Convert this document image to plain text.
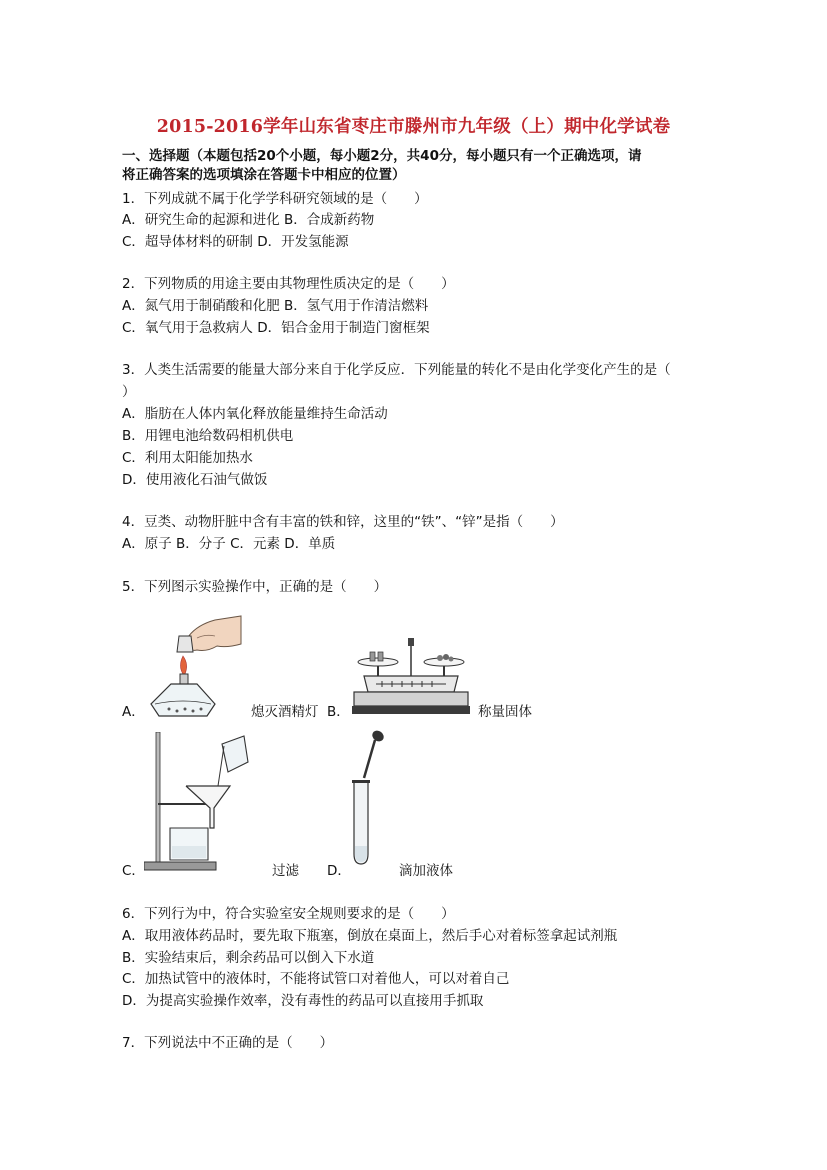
2015-2016学年山东省枣庄市滕州市九年级（上）期中化学试卷
一、选择题（本题包括20个小题，每小题2分，共40分，每小题只有一个正确选项，请
将正确答案的选项填涂在答题卡中相应的位置）
1．下列成就不属于化学学科研究领域的是（　　）
A．研究生命的起源和进化 B．合成新药物
C．超导体材料的研制 D．开发氢能源
2．下列物质的用途主要由其物理性质决定的是（　　）
A．氮气用于制硝酸和化肥 B．氢气用于作清洁燃料
C．氧气用于急救病人 D．铝合金用于制造门窗框架
3．人类生活需要的能量大部分来自于化学反应．下列能量的转化不是由化学变化产生的是（
）
A．脂肪在人体内氧化释放能量维持生命活动
B．用锂电池给数码相机供电
C．利用太阳能加热水
D．使用液化石油气做饭
4．豆类、动物肝脏中含有丰富的铁和锌，这里的“铁”、“锌”是指（　　）
A．原子 B．分子 C．元素 D．单质
5．下列图示实验操作中，正确的是（　　）
A．	熄灭酒精灯 B．	称量固体
C．	过滤 D．	滴加液体
6．下列行为中，符合实验室安全规则要求的是（　　）
A．取用液体药品时，要先取下瓶塞，倒放在桌面上，然后手心对着标签拿起试剂瓶
B．实验结束后，剩余药品可以倒入下水道
C．加热试管中的液体时，不能将试管口对着他人，可以对着自己
D．为提高实验操作效率，没有毒性的药品可以直接用手抓取
7．下列说法中不正确的是（　　）
